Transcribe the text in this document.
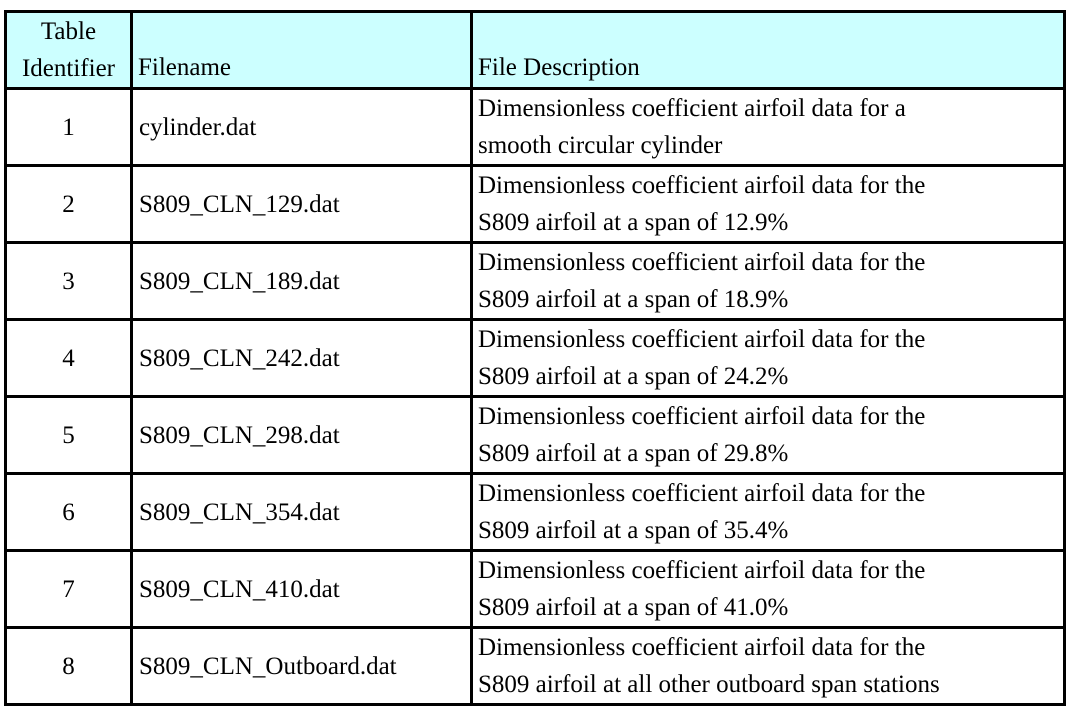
Table
Identifier	Filename	File Description
1	cylinder.dat	Dimensionless coefficient airfoil data for a
smooth circular cylinder

2	S809_CLN_129.dat	Dimensionless coefficient airfoil data for the
S809 airfoil at a span of 12.9%

3	S809_CLN_189.dat	Dimensionless coefficient airfoil data for the
S809 airfoil at a span of 18.9%

4	S809_CLN_242.dat	Dimensionless coefficient airfoil data for the
S809 airfoil at a span of 24.2%

5	S809_CLN_298.dat	Dimensionless coefficient airfoil data for the
S809 airfoil at a span of 29.8%

6	S809_CLN_354.dat	Dimensionless coefficient airfoil data for the
S809 airfoil at a span of 35.4%

7	S809_CLN_410.dat	Dimensionless coefficient airfoil data for the
S809 airfoil at a span of 41.0%

8	S809_CLN_Outboard.dat	Dimensionless coefficient airfoil data for the
S809 airfoil at all other outboard span stations
